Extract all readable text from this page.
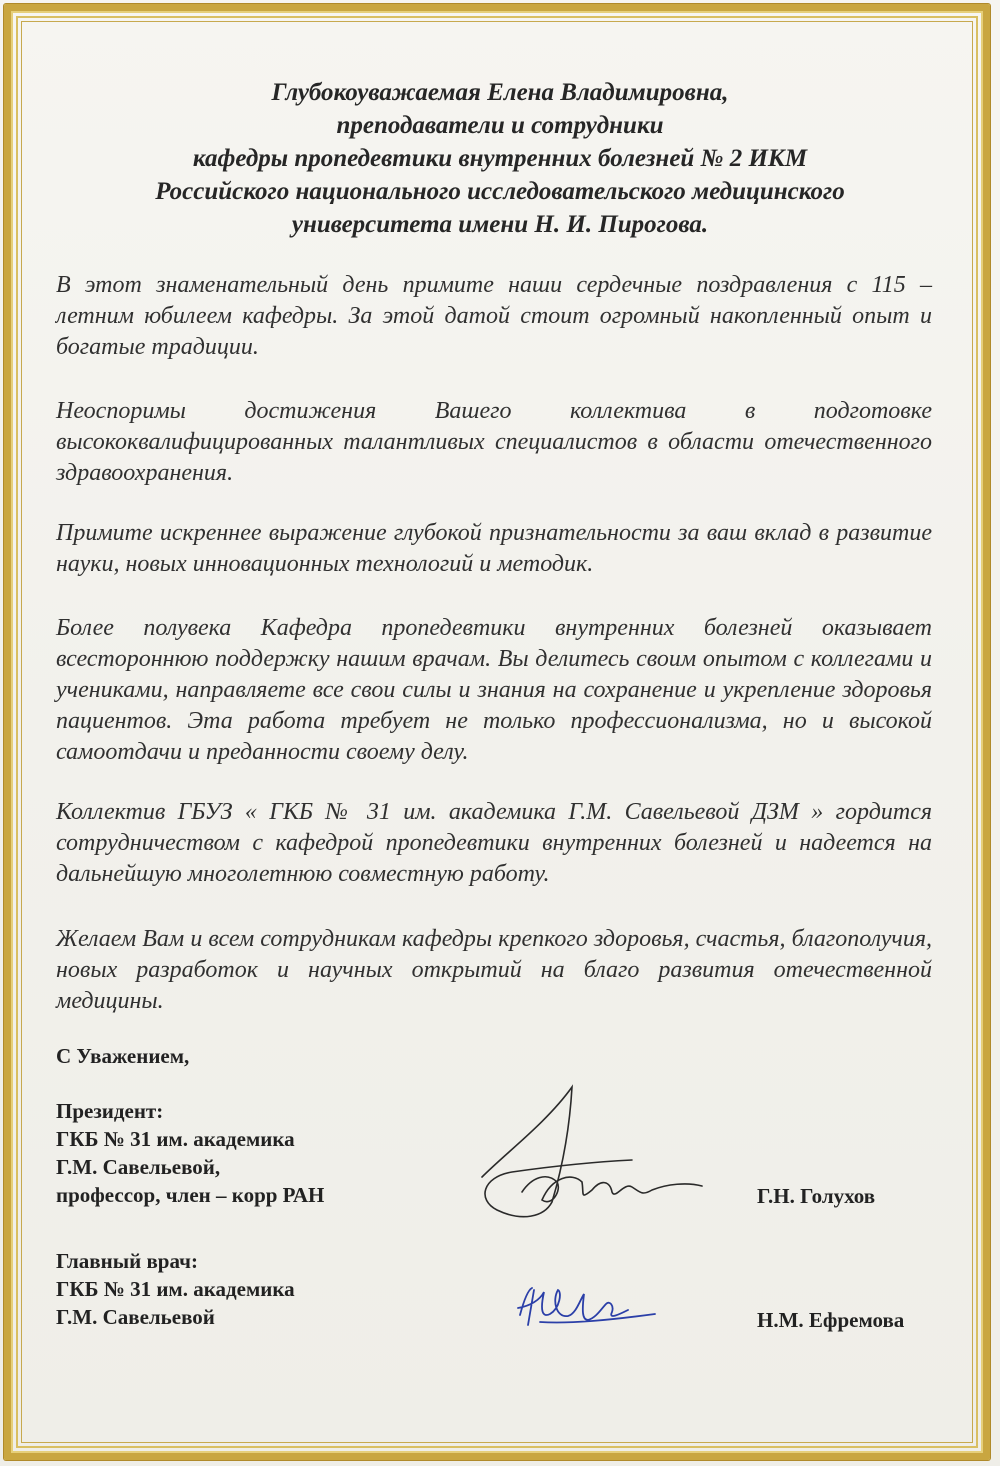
Глубокоуважаемая Елена Владимировна,
преподаватели и сотрудники
кафедры пропедевтики внутренних болезней № 2 ИКМ
Российского национального исследовательского медицинского
университета имени Н. И. Пирогова.
В этот знаменательный день примите наши сердечные поздравления с 115 – летним юбилеем кафедры. За этой датой стоит огромный накопленный опыт и богатые традиции.
Неоспоримы достижения Вашего коллектива в подготовке высококвалифицированных талантливых специалистов в области отечественного здравоохранения.
Примите искреннее выражение глубокой признательности за ваш вклад в развитие науки, новых инновационных технологий и методик.
Более полувека Кафедра пропедевтики внутренних болезней оказывает всестороннюю поддержку нашим врачам. Вы делитесь своим опытом с коллегами и учениками, направляете все свои силы и знания на сохранение и укрепление здоровья пациентов. Эта работа требует не только профессионализма, но и высокой самоотдачи и преданности своему делу.
Коллектив ГБУЗ « ГКБ № 31 им. академика Г.М. Савельевой ДЗМ » гордится сотрудничеством с кафедрой пропедевтики внутренних болезней и надеется на дальнейшую многолетнюю совместную работу.
Желаем Вам и всем сотрудникам кафедры крепкого здоровья, счастья, благополучия, новых разработок и научных открытий на благо развития отечественной медицины.
С Уважением,
Президент:
ГКБ № 31 им. академика
Г.М. Савельевой,
профессор, член – корр РАН	Г.Н. Голухов
Главный врач:
ГКБ № 31 им. академика
Г.М. Савельевой	Н.М. Ефремова
